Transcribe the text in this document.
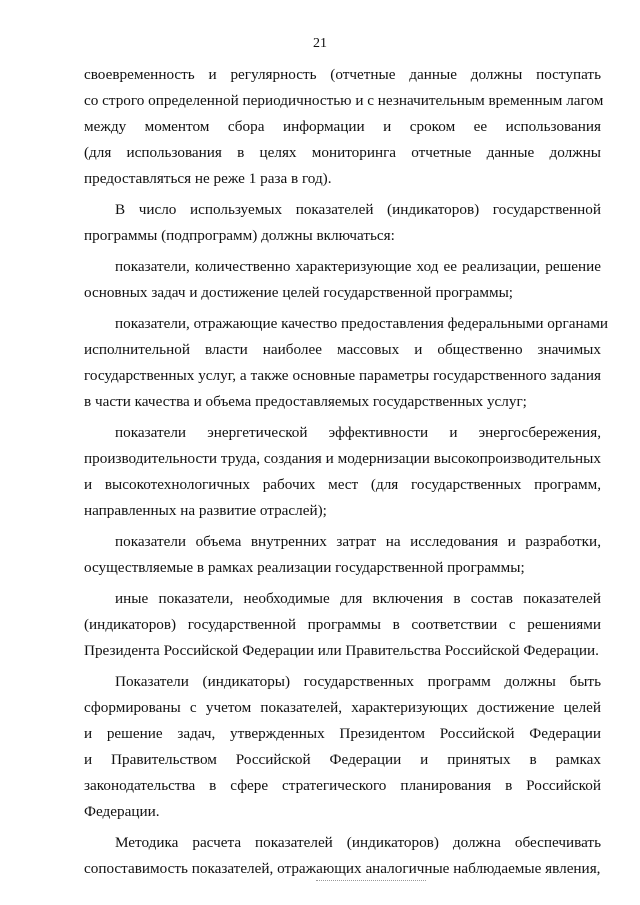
21
своевременность и регулярность (отчетные данные должны поступать
со строго определенной периодичностью и с незначительным временным лагом
между моментом сбора информации и сроком ее использования
(для использования в целях мониторинга отчетные данные должны
предоставляться не реже 1 раза в год).
В число используемых показателей (индикаторов) государственной
программы (подпрограмм) должны включаться:
показатели, количественно характеризующие ход ее реализации, решение
основных задач и достижение целей государственной программы;
показатели, отражающие качество предоставления федеральными органами
исполнительной власти наиболее массовых и общественно значимых
государственных услуг, а также основные параметры государственного задания
в части качества и объема предоставляемых государственных услуг;
показатели энергетической эффективности и энергосбережения,
производительности труда, создания и модернизации высокопроизводительных
и высокотехнологичных рабочих мест (для государственных программ,
направленных на развитие отраслей);
показатели объема внутренних затрат на исследования и разработки,
осуществляемые в рамках реализации государственной программы;
иные показатели, необходимые для включения в состав показателей
(индикаторов) государственной программы в соответствии с решениями
Президента Российской Федерации или Правительства Российской Федерации.
Показатели (индикаторы) государственных программ должны быть
сформированы с учетом показателей, характеризующих достижение целей
и решение задач, утвержденных Президентом Российской Федерации
и Правительством Российской Федерации и принятых в рамках
законодательства в сфере стратегического планирования в Российской
Федерации.
Методика расчета показателей (индикаторов) должна обеспечивать
сопоставимость показателей, отражающих аналогичные наблюдаемые явления,
